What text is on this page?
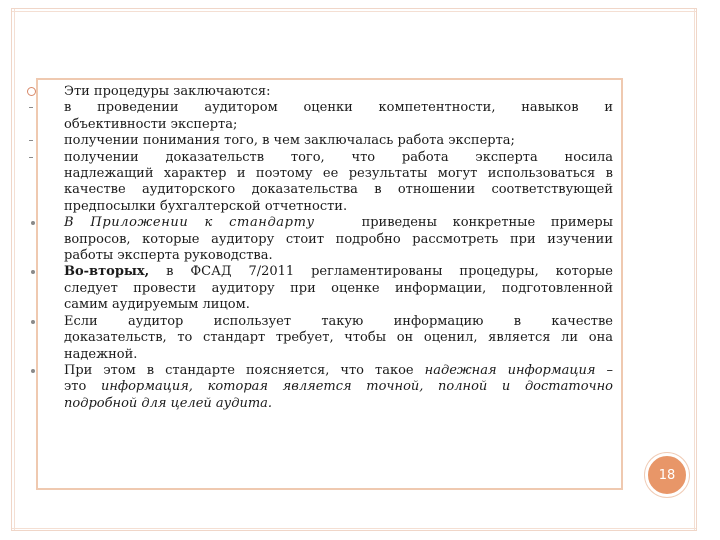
Эти процедуры заключаются:
в проведении аудитором оценки компетентности, навыков и
объективности эксперта;
получении понимания того, в чем заключалась работа эксперта;
получении доказательств того, что работа эксперта носила
надлежащий характер и поэтому ее результаты могут использоваться в
качестве аудиторского доказательства в отношении соответствующей
предпосылки бухгалтерской отчетности.
В Приложении к стандарту	приведены конкретные примеры
вопросов, которые аудитору стоит подробно рассмотреть при изучении
работы эксперта руководства.
Во-вторых, в ФСАД 7/2011 регламентированы процедуры, которые
следует провести аудитору при оценке информации, подготовленной
самим аудируемым лицом.
Если аудитор использует такую информацию в качестве
доказательств, то стандарт требует, чтобы он оценил, является ли она
надежной.
При этом в стандарте поясняется, что такое надежная информация –
это информация, которая является точной, полной и достаточно
подробной для целей аудита.
18
